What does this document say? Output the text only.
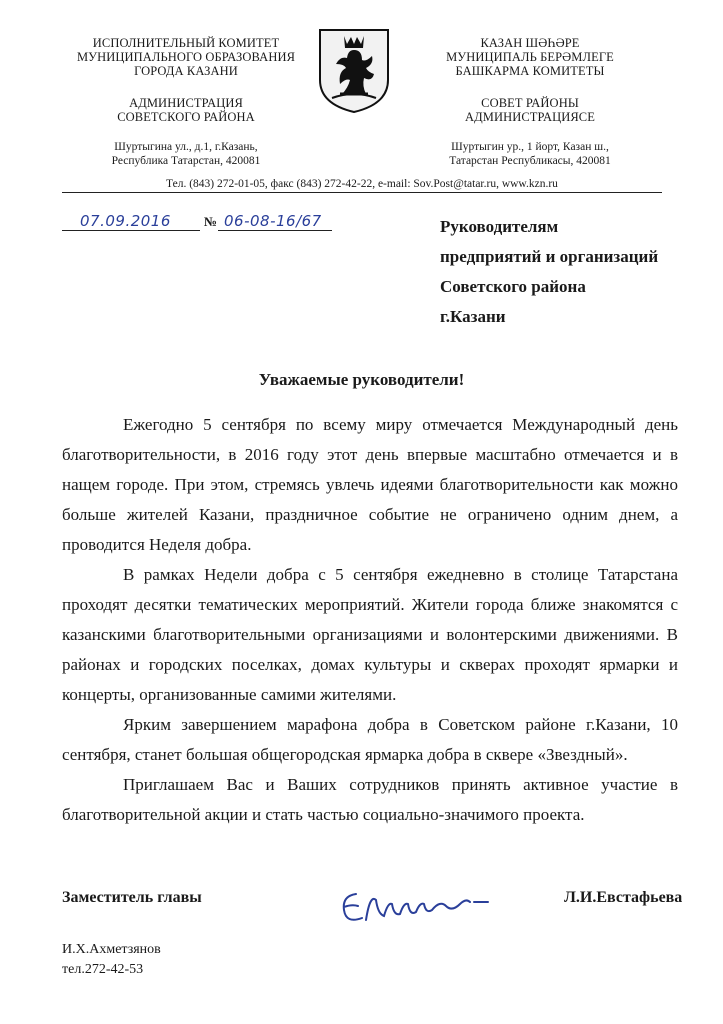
ИСПОЛНИТЕЛЬНЫЙ КОМИТЕТ
МУНИЦИПАЛЬНОГО ОБРАЗОВАНИЯ
ГОРОДА КАЗАНИ
АДМИНИСТРАЦИЯ
СОВЕТСКОГО РАЙОНА
Шуртыгина ул., д.1, г.Казань,
Республика Татарстан, 420081
КАЗАН ШӘҺӘРЕ
МУНИЦИПАЛЬ БЕРӘМЛЕГЕ
БАШКАРМА КОМИТЕТЫ
СОВЕТ РАЙОНЫ
АДМИНИСТРАЦИЯСЕ
Шуртыгин ур., 1 йорт, Казан ш.,
Татарстан Республикасы, 420081
Тел. (843) 272-01-05, факс (843) 272-42-22, e-mail: Sov.Post@tatar.ru, www.kzn.ru
07.09.2016	№ 06-08-16/67	Руководителям
предприятий и организаций
Советского района
г.Казани
Уважаемые руководители!
Ежегодно 5 сентября по всему миру отмечается Международный день благотворительности, в 2016 году этот день впервые масштабно отмечается и в нащем городе. При этом, стремясь увлечь идеями благотворительности как можно больше жителей Казани, праздничное событие не ограничено одним днем, а проводится Неделя добра.
В рамках Недели добра с 5 сентября ежедневно в столице Татарстана проходят десятки тематических мероприятий. Жители города ближе знакомятся с казанскими благотворительными организациями и волонтерскими движениями. В районах и городских поселках, домах культуры и скверах проходят ярмарки и концерты, организованные самими жителями.
Ярким завершением марафона добра в Советском районе г.Казани, 10 сентября, станет большая общегородская ярмарка добра в сквере «Звездный».
Приглашаем Вас и Ваших сотрудников принять активное участие в благотворительной акции и стать частью социально-значимого проекта.
Заместитель главы	Л.И.Евстафьева
И.Х.Ахметзянов
тел.272-42-53
